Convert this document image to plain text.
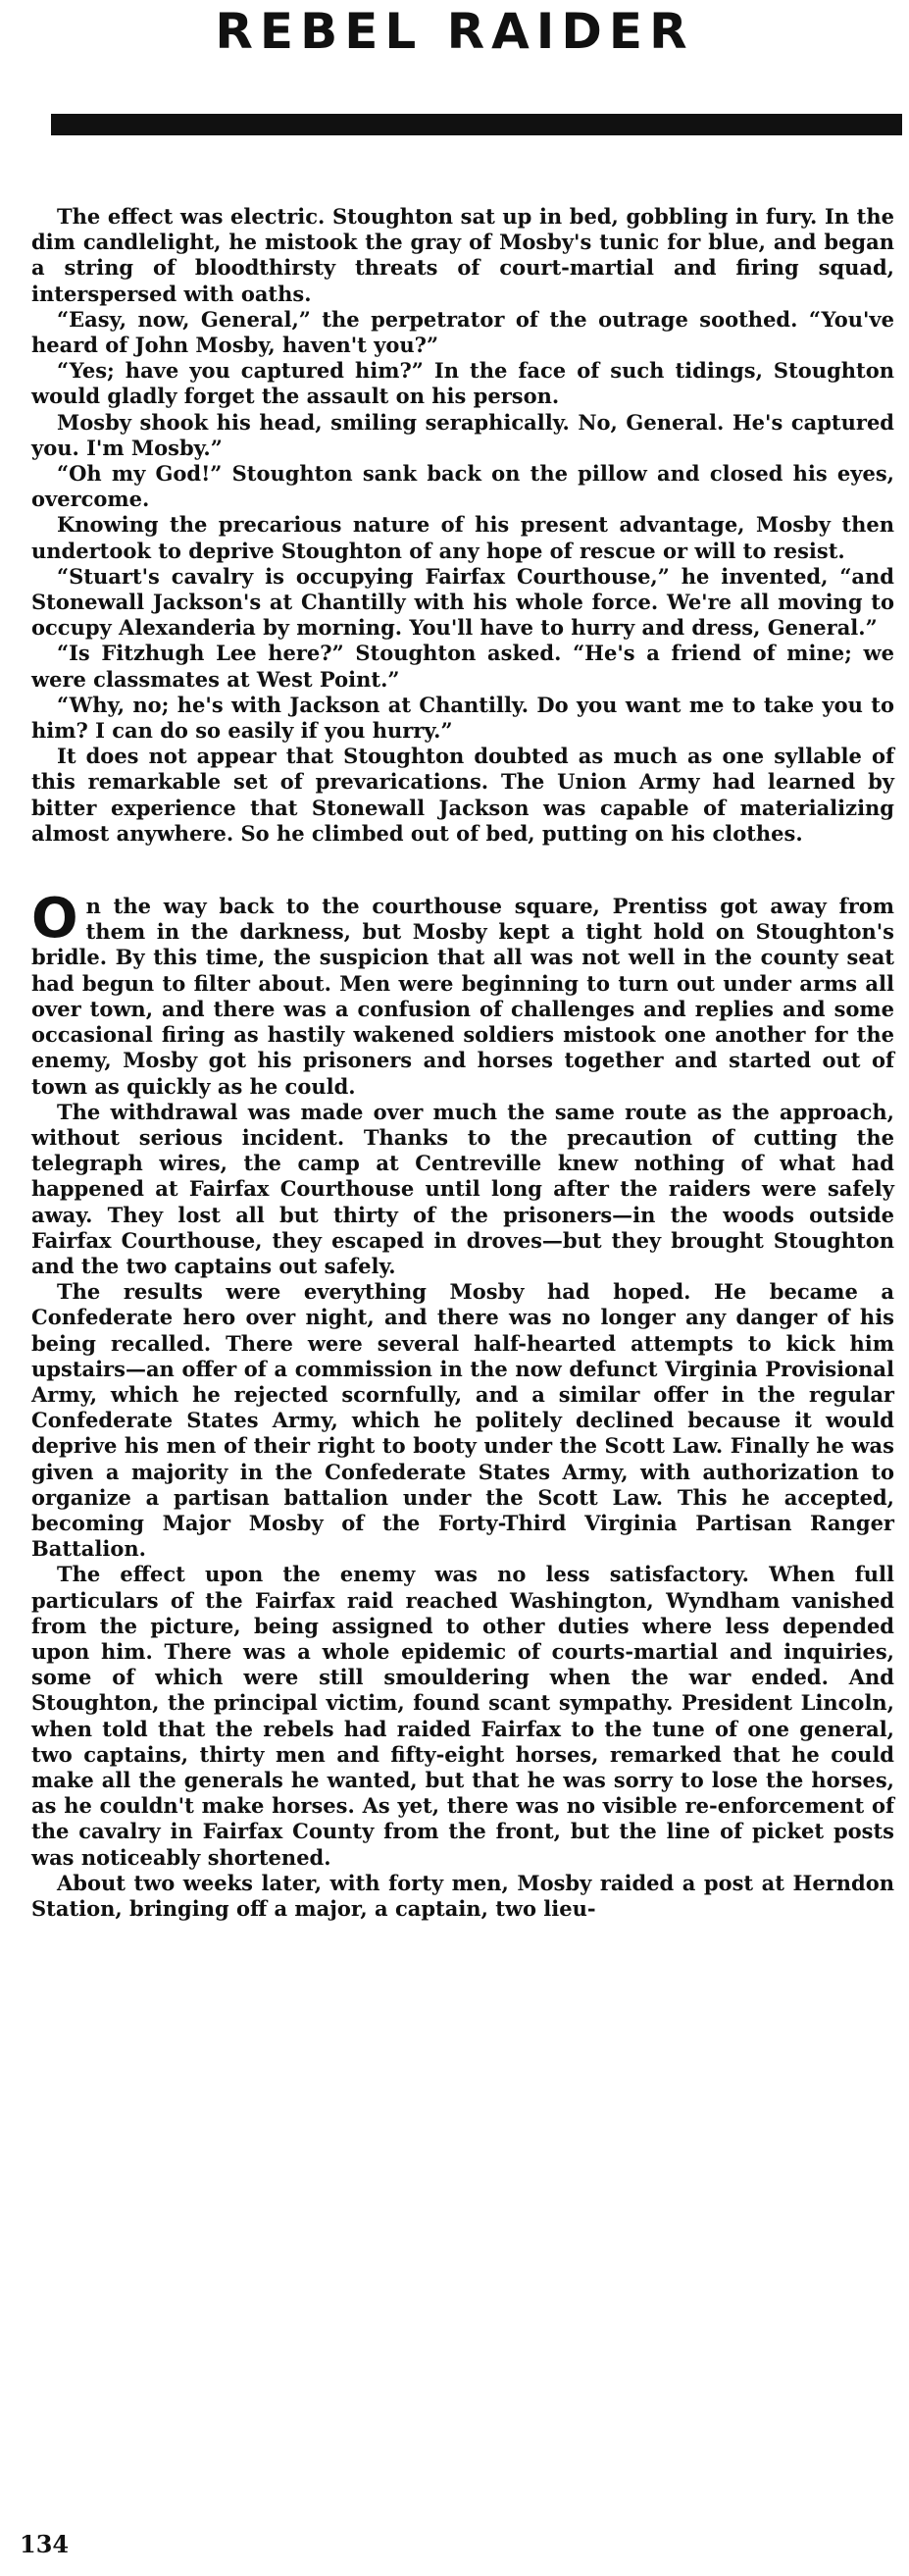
REBEL RAIDER

The effect was electric. Stoughton sat up in bed, gobbling in fury. In the dim candlelight, he mistook the gray of Mosby's tunic for blue, and began a string of bloodthirsty threats of court-martial and firing squad, interspersed with oaths.

“Easy, now, General,” the perpetrator of the outrage soothed. “You've heard of John Mosby, haven't you?”

“Yes; have you captured him?” In the face of such tidings, Stoughton would gladly forget the assault on his person.

Mosby shook his head, smiling seraphically. No, General. He's captured you. I'm Mosby.”

“Oh my God!” Stoughton sank back on the pillow and closed his eyes, overcome.

Knowing the precarious nature of his present advantage, Mosby then undertook to deprive Stoughton of any hope of rescue or will to resist.

“Stuart's cavalry is occupying Fairfax Courthouse,” he invented, “and Stonewall Jackson's at Chantilly with his whole force. We're all moving to occupy Alexanderia by morning. You'll have to hurry and dress, General.”

“Is Fitzhugh Lee here?” Stoughton asked. “He's a friend of mine; we were classmates at West Point.”

“Why, no; he's with Jackson at Chantilly. Do you want me to take you to him? I can do so easily if you hurry.”

It does not appear that Stoughton doubted as much as one syllable of this remarkable set of prevarications. The Union Army had learned by bitter experience that Stonewall Jackson was capable of materializing almost anywhere. So he climbed out of bed, putting on his clothes.

On the way back to the courthouse square, Prentiss got away from them in the darkness, but Mosby kept a tight hold on Stoughton's bridle. By this time, the suspicion that all was not well in the county seat had begun to filter about. Men were beginning to turn out under arms all over town, and there was a confusion of challenges and replies and some occasional firing as hastily wakened soldiers mistook one another for the enemy, Mosby got his prisoners and horses together and started out of town as quickly as he could.

The withdrawal was made over much the same route as the approach, without serious incident. Thanks to the precaution of cutting the telegraph wires, the camp at Centreville knew nothing of what had happened at Fairfax Courthouse until long after the raiders were safely away. They lost all but thirty of the prisoners—in the woods outside Fairfax Courthouse, they escaped in droves—but they brought Stoughton and the two captains out safely.

The results were everything Mosby had hoped. He became a Confederate hero over night, and there was no longer any danger of his being recalled. There were several half-hearted attempts to kick him upstairs—an offer of a commission in the now defunct Virginia Provisional Army, which he rejected scornfully, and a similar offer in the regular Confederate States Army, which he politely declined because it would deprive his men of their right to booty under the Scott Law. Finally he was given a majority in the Confederate States Army, with authorization to organize a partisan battalion under the Scott Law. This he accepted, becoming Major Mosby of the Forty-Third Virginia Partisan Ranger Battalion.

The effect upon the enemy was no less satisfactory. When full particulars of the Fairfax raid reached Washington, Wyndham vanished from the picture, being assigned to other duties where less depended upon him. There was a whole epidemic of courts-martial and inquiries, some of which were still smouldering when the war ended. And Stoughton, the principal victim, found scant sympathy. President Lincoln, when told that the rebels had raided Fairfax to the tune of one general, two captains, thirty men and fifty-eight horses, remarked that he could make all the generals he wanted, but that he was sorry to lose the horses, as he couldn't make horses. As yet, there was no visible re-enforcement of the cavalry in Fairfax County from the front, but the line of picket posts was noticeably shortened.

About two weeks later, with forty men, Mosby raided a post at Herndon Station, bringing off a major, a captain, two lieu-

134
